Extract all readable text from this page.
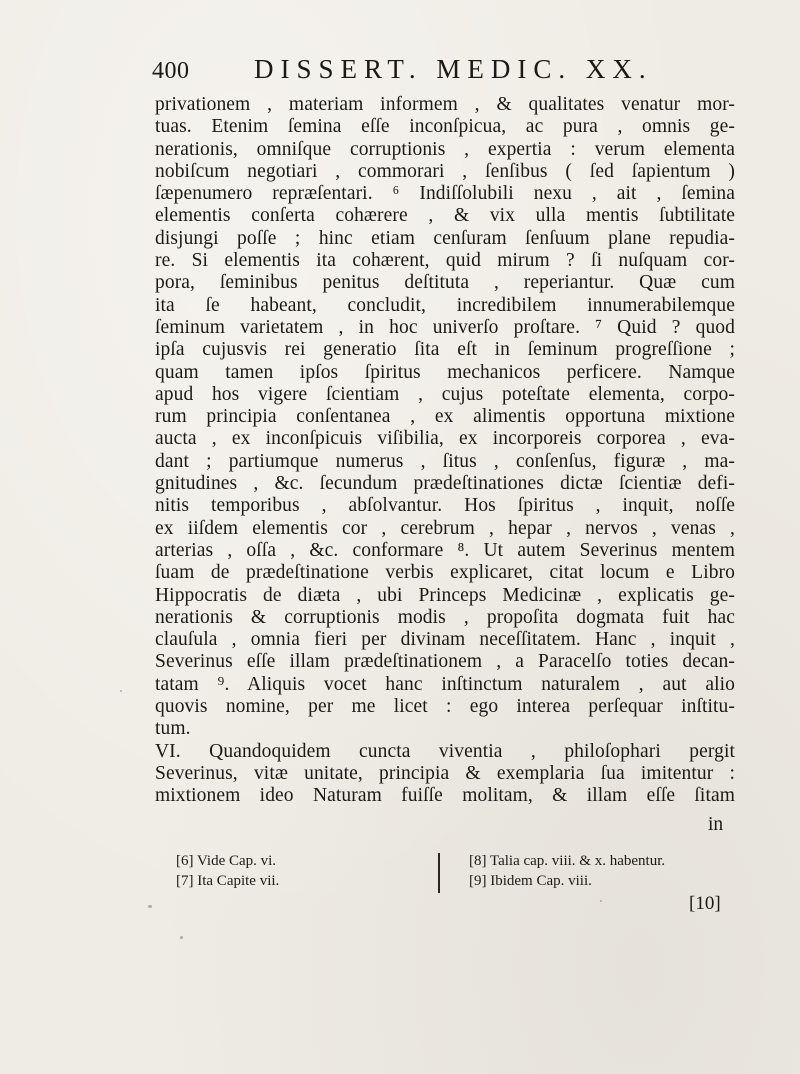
400 DISSERT. MEDIC. XX.
privationem , materiam informem , & qualitates venatur mor-
tuas. Etenim ſemina eſſe inconſpicua, ac pura , omnis ge-
nerationis, omniſque corruptionis , expertia : verum elementa
nobiſcum negotiari , commorari , ſenſibus ( ſed ſapientum )
ſæpenumero repræſentari. ⁶ Indiſſolubili nexu , ait , ſemina
elementis conſerta cohærere , & vix ulla mentis ſubtilitate
disjungi poſſe ; hinc etiam cenſuram ſenſuum plane repudia-
re. Si elementis ita cohærent, quid mirum ? ſi nuſquam cor-
pora, ſeminibus penitus deſtituta , reperiantur. Quæ cum
ita ſe habeant, concludit, incredibilem innumerabilemque
ſeminum varietatem , in hoc univerſo proſtare. ⁷ Quid ? quod
ipſa cujusvis rei generatio ſita eſt in ſeminum progreſſione ;
quam tamen ipſos ſpiritus mechanicos perficere. Namque
apud hos vigere ſcientiam , cujus poteſtate elementa, corpo-
rum principia conſentanea , ex alimentis opportuna mixtione
aucta , ex inconſpicuis viſibilia, ex incorporeis corporea , eva-
dant ; partiumque numerus , ſitus , conſenſus, figuræ , ma-
gnitudines , &c. ſecundum prædeſtinationes dictæ ſcientiæ defi-
nitis temporibus , abſolvantur. Hos ſpiritus , inquit, noſſe
ex iiſdem elementis cor , cerebrum , hepar , nervos , venas ,
arterias , oſſa , &c. conformare ⁸. Ut autem Severinus mentem
ſuam de prædeſtinatione verbis explicaret, citat locum e Libro
Hippocratis de diæta , ubi Princeps Medicinæ , explicatis ge-
nerationis & corruptionis modis , propoſita dogmata fuit hac
clauſula , omnia fieri per divinam neceſſitatem. Hanc , inquit ,
Severinus eſſe illam prædeſtinationem , a Paracelſo toties decan-
tatam ⁹. Aliquis vocet hanc inſtinctum naturalem , aut alio
quovis nomine, per me licet : ego interea perſequar inſtitu-
tum.
VI. Quandoquidem cuncta viventia , philoſophari pergit
Severinus, vitæ unitate, principia & exemplaria ſua imitentur :
mixtionem ideo Naturam fuiſſe molitam, & illam eſſe ſitam
in
[6] Vide Cap. vi.
[7] Ita Capite vii.
[8] Talia cap. viii. & x. habentur.
[9] Ibidem Cap. viii.
[10]
